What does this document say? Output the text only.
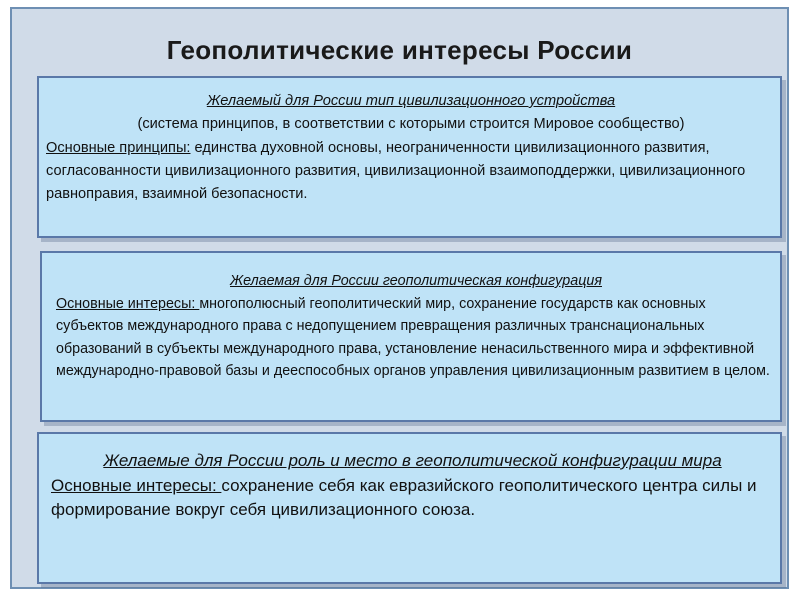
Геополитические интересы России
Желаемый для России тип цивилизационного устройства
(система принципов, в соответствии с которыми строится Мировое сообщество)
Основные принципы: единства духовной основы, неограниченности цивилизационного развития, согласованности цивилизационного развития, цивилизационной взаимоподдержки, цивилизационного равноправия, взаимной безопасности.
Желаемая для России геополитическая конфигурация
Основные интересы: многополюсный геополитический мир, сохранение государств как основных субъектов международного права с недопущением превращения различных транснациональных образований в субъекты международного права, установление ненасильственного мира и эффективной международно-правовой базы и дееспособных органов управления цивилизационным развитием в целом.
Желаемые для России роль и место в геополитической конфигурации мира
Основные интересы: сохранение себя как евразийского геополитического центра силы и формирование вокруг себя цивилизационного союза.
